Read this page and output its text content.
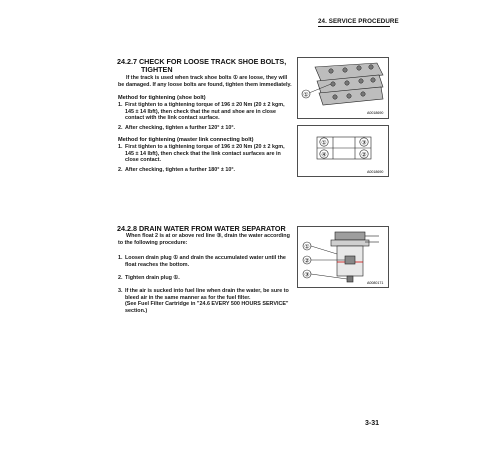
24. SERVICE PROCEDURE
24.2.7 CHECK FOR LOOSE TRACK SHOE BOLTS,
TIGHTEN
If the track is used when track shoe bolts ① are loose, they will
be damaged. If any loose bolts are found, tighten them immediately.
Method for tightening (shoe bolt)
1. First tighten to a tightening torque of 196 ± 20 Nm (20 ± 2 kgm,
145 ± 14 lbft), then check that the nut and shoe are in close
contact with the link contact surface.
2. After checking, tighten a further 120° ± 10°.
Method for tightening (master link connecting bolt)
1. First tighten to a tightening torque of 196 ± 20 Nm (20 ± 2 kgm,
145 ± 14 lbft), then check that the link contact surfaces are in
close contact.
2. After checking, tighten a further 180° ± 10°.
①
A0018690
①
②
③
④
A0018690
24.2.8 DRAIN WATER FROM WATER SEPARATOR
When float 2 is at or above red line ③, drain the water according
to the following procedure:
1. Loosen drain plug ① and drain the accumulated water until the
float reaches the bottom.
2. Tighten drain plug ①.
3. If the air is sucked into fuel line when drain the water, be sure to
bleed air in the same manner as for the fuel filter.
(See Fuel Filter Cartridge in "24.6 EVERY 500 HOURS SERVICE"
section.)
①
②
③
A0080171
3-31
